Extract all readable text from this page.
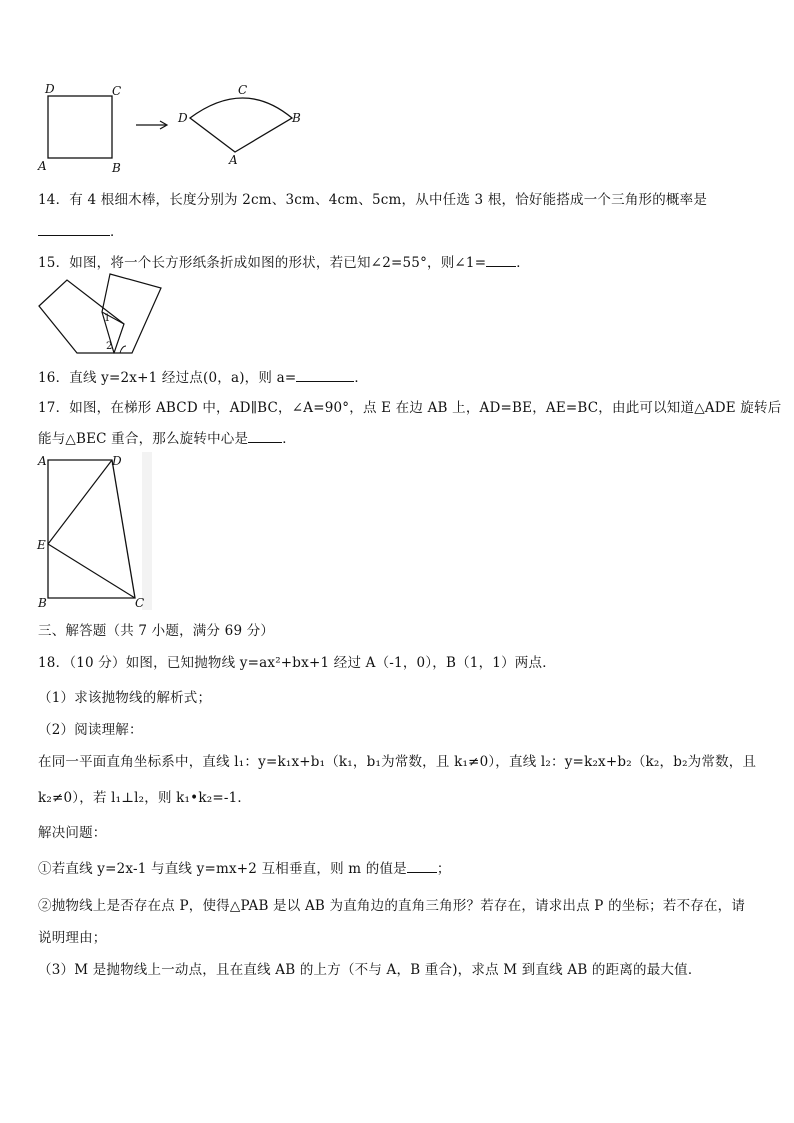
D	C
A	B
C
D	B
A
14．有 4 根细木棒，长度分别为 2cm、3cm、4cm、5cm，从中任选 3 根，恰好能搭成一个三角形的概率是
．
15．如图，将一个长方形纸条折成如图的形状，若已知∠2=55°，则∠1= ．
1
2
16．直线 y=2x+1 经过点(0，a)，则 a=	．
17．如图，在梯形 ABCD 中，AD∥BC，∠A=90°，点 E 在边 AB 上，AD=BE，AE=BC，由此可以知道△ADE 旋转后
能与△BEC 重合，那么旋转中心是	．
A	D
E
B	C
三、解答题（共 7 小题，满分 69 分）
18．（10 分）如图，已知抛物线 y=ax²+bx+1 经过 A（-1，0），B（1，1）两点．
（1）求该抛物线的解析式；
（2）阅读理解：
在同一平面直角坐标系中，直线 l₁：y=k₁x+b₁（k₁，b₁为常数，且 k₁≠0），直线 l₂：y=k₂x+b₂（k₂，b₂为常数，且
k₂≠0），若 l₁⊥l₂，则 k₁•k₂=-1．
解决问题：
①若直线 y=2x-1 与直线 y=mx+2 互相垂直，则 m 的值是 ；
②抛物线上是否存在点 P，使得△PAB 是以 AB 为直角边的直角三角形？若存在，请求出点 P 的坐标；若不存在，请
说明理由；
（3）M 是抛物线上一动点，且在直线 AB 的上方（不与 A，B 重合)，求点 M 到直线 AB 的距离的最大值．
